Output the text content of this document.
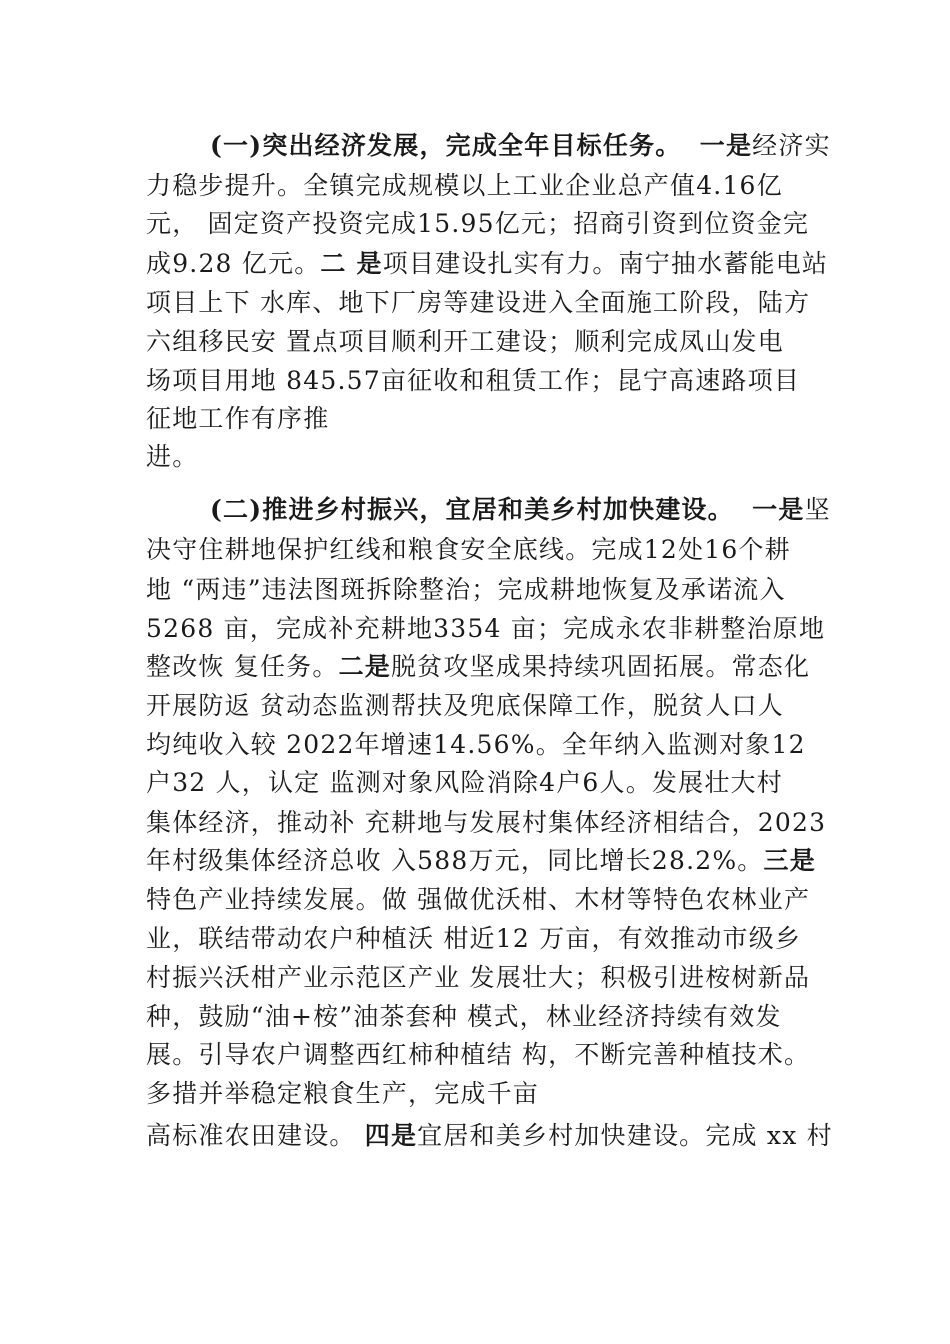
(一)突出经济发展，完成全年目标任务。 一是经济实
力稳步提升。全镇完成规模以上工业企业总产值4.16亿
元， 固定资产投资完成15.95亿元；招商引资到位资金完
成9.28 亿元。二 是项目建设扎实有力。南宁抽水蓄能电站
项目上下 水库、地下厂房等建设进入全面施工阶段，陆方
六组移民安 置点项目顺利开工建设；顺利完成凤山发电
场项目用地 845.57亩征收和租赁工作；昆宁高速路项目
征地工作有序推
进。
(二)推进乡村振兴，宜居和美乡村加快建设。 一是坚
决守住耕地保护红线和粮食安全底线。完成12处16个耕
地 “两违”违法图斑拆除整治；完成耕地恢复及承诺流入
5268 亩，完成补充耕地3354 亩；完成永农非耕整治原地
整改恢 复任务。二是脱贫攻坚成果持续巩固拓展。常态化
开展防返 贫动态监测帮扶及兜底保障工作，脱贫人口人
均纯收入较 2022年增速14.56%。全年纳入监测对象12
户32 人，认定 监测对象风险消除4户6人。发展壮大村
集体经济，推动补 充耕地与发展村集体经济相结合，2023
年村级集体经济总收 入588万元，同比增长28.2%。三是
特色产业持续发展。做 强做优沃柑、木材等特色农林业产
业，联结带动农户种植沃 柑近12 万亩，有效推动市级乡
村振兴沃柑产业示范区产业 发展壮大；积极引进桉树新品
种，鼓励“油+桉”油茶套种 模式，林业经济持续有效发
展。引导农户调整西红柿种植结 构，不断完善种植技术。
多措并举稳定粮食生产，完成千亩
高标准农田建设。 四是宜居和美乡村加快建设。完成 xx 村
